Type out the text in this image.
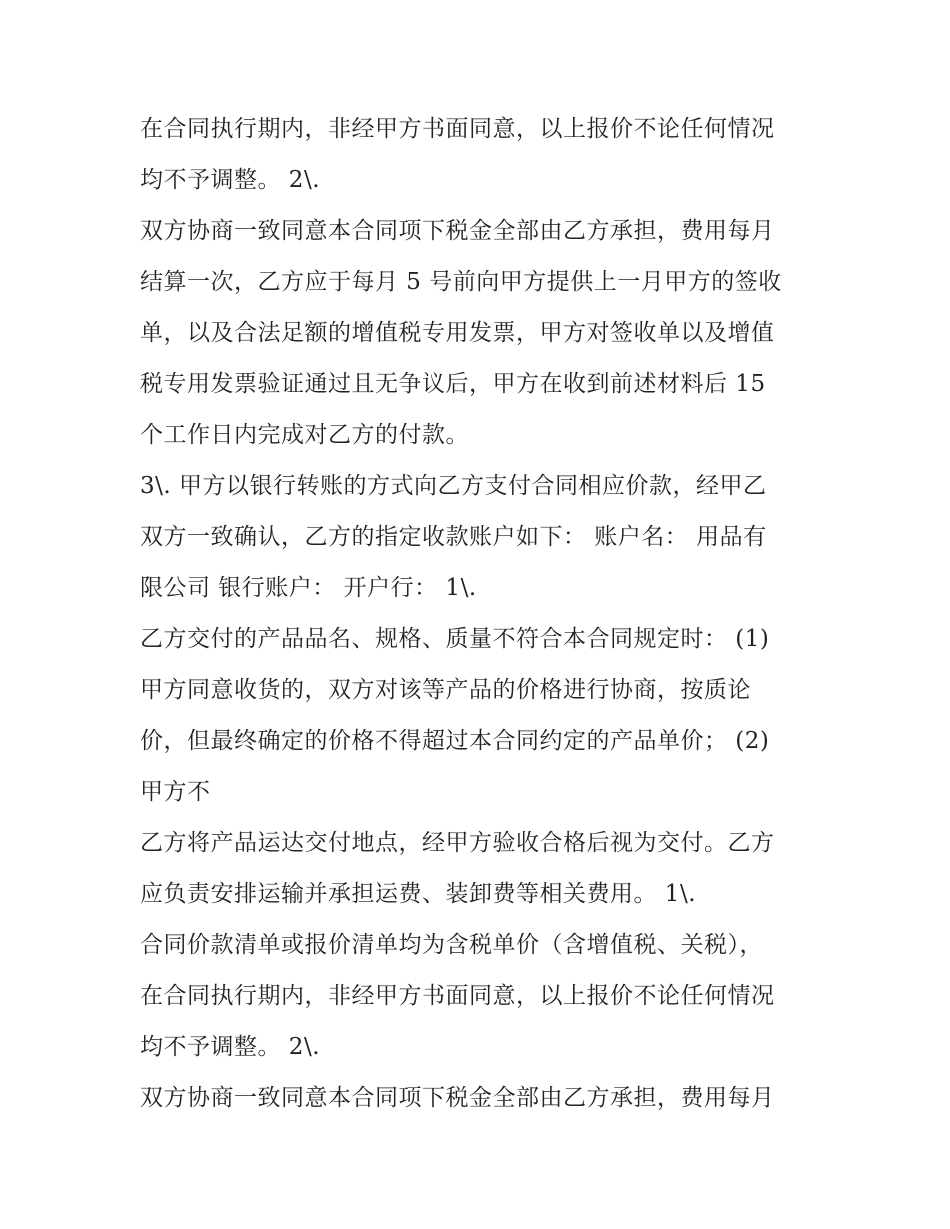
在合同执行期内，非经甲方书面同意，以上报价不论任何情况
均不予调整。 2\.
双方协商一致同意本合同项下税金全部由乙方承担，费用每月
结算一次，乙方应于每月 5 号前向甲方提供上一月甲方的签收
单，以及合法足额的增值税专用发票，甲方对签收单以及增值
税专用发票验证通过且无争议后，甲方在收到前述材料后 15
个工作日内完成对乙方的付款。
3\. 甲方以银行转账的方式向乙方支付合同相应价款，经甲乙
双方一致确认，乙方的指定收款账户如下： 账户名： 用品有
限公司 银行账户： 开户行： 1\.
乙方交付的产品品名、规格、质量不符合本合同规定时： (1)
甲方同意收货的，双方对该等产品的价格进行协商，按质论
价，但最终确定的价格不得超过本合同约定的产品单价； (2)
甲方不
乙方将产品运达交付地点，经甲方验收合格后视为交付。乙方
应负责安排运输并承担运费、装卸费等相关费用。 1\.
合同价款清单或报价清单均为含税单价（含增值税、关税），
在合同执行期内，非经甲方书面同意，以上报价不论任何情况
均不予调整。 2\.
双方协商一致同意本合同项下税金全部由乙方承担，费用每月
